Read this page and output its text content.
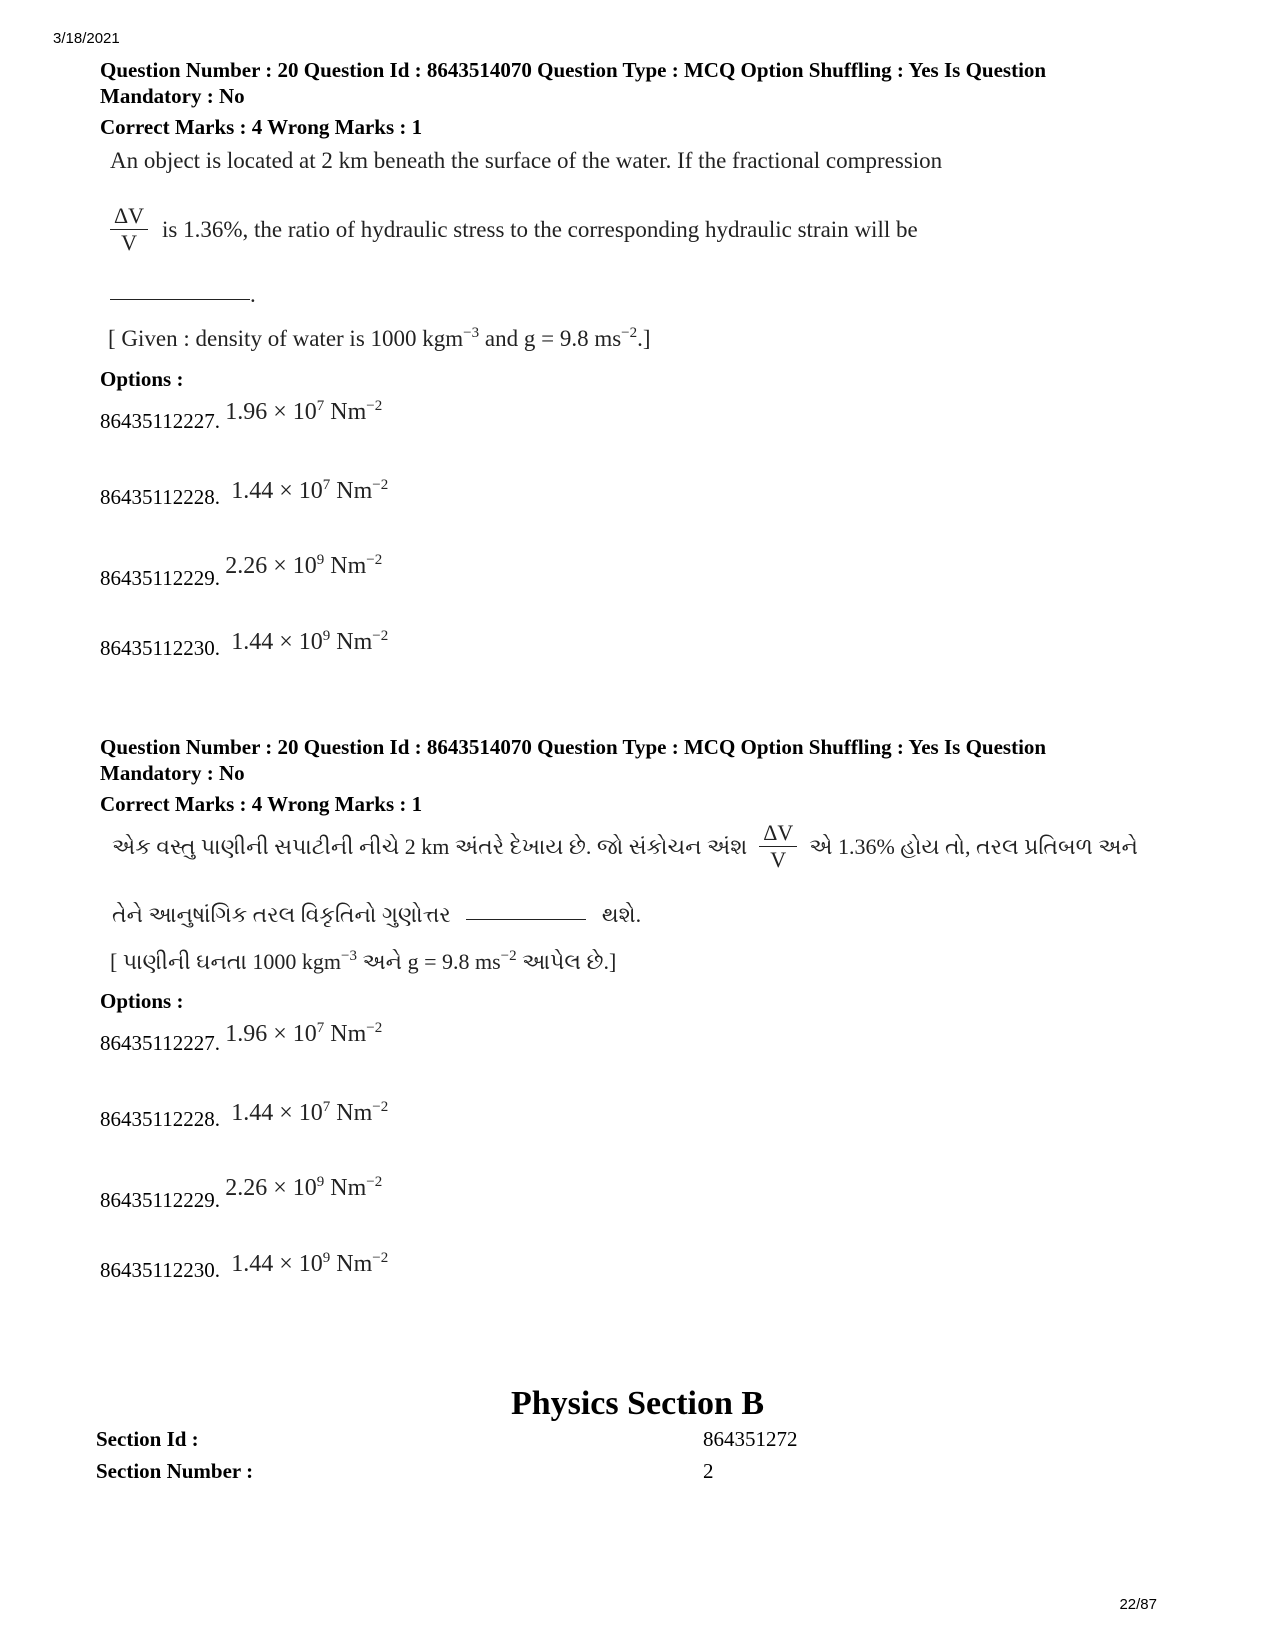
3/18/2021
Question Number : 20 Question Id : 8643514070 Question Type : MCQ Option Shuffling : Yes Is Question
Mandatory : No
Correct Marks : 4 Wrong Marks : 1
An object is located at 2 km beneath the surface of the water. If the fractional compression
$\frac{\Delta V}{V}$ is 1.36%, the ratio of hydraulic stress to the corresponding hydraulic strain will be
.
[ Given : density of water is 1000 kgm$^{-3}$ and g = 9.8 $ms^{-2}$.]
Options :
86435112227. $1.96 \times 10^7$ $Nm^{-2}$
86435112228. $1.44 \times 10^7$ $Nm^{-2}$
86435112229. $2.26 \times 10^9$ $Nm^{-2}$
86435112230. $1.44 \times 10^9$ $Nm^{-2}$
Question Number : 20 Question Id : 8643514070 Question Type : MCQ Option Shuffling : Yes Is Question
Mandatory : No
Correct Marks : 4 Wrong Marks : 1
એક વસ્તુ પાણીની સપાટીની નીચે 2 km અંતરે દેખાય છે. જો સંકોચન અંશ $\frac{\Delta V}{V}$ એ 1.36% હોય તો, તરલ પ્રતિબળ અને
તેને આનુષાંગિક તરલ વિકૃતિનો ગુણોત્તર	થશે.
[ પાણીની ઘનતા 1000 kgm$^{-3}$ અને g = 9.8 $ms^{-2}$ આપેલ છે.]
Options :
86435112227. $1.96 \times 10^7$ $Nm^{-2}$
86435112228. $1.44 \times 10^7$ $Nm^{-2}$
86435112229. $2.26 \times 10^9$ $Nm^{-2}$
86435112230. $1.44 \times 10^9$ $Nm^{-2}$
Physics Section B
Section Id :	864351272
Section Number :	2
22/87
